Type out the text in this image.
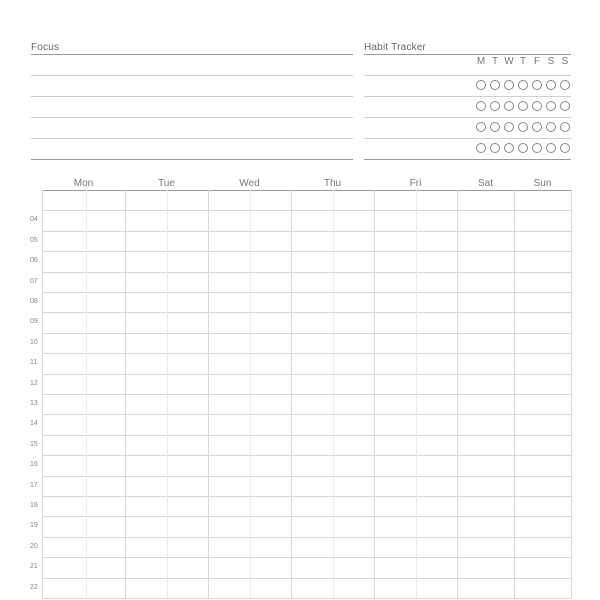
Focus	Habit Tracker
M T W T F S S
Mon	Tue	Wed	Thu	Fri	Sat	Sun
04
05
06
07
08
09
10
11
12
13
14
15
16
17
18
19
20
21
22
